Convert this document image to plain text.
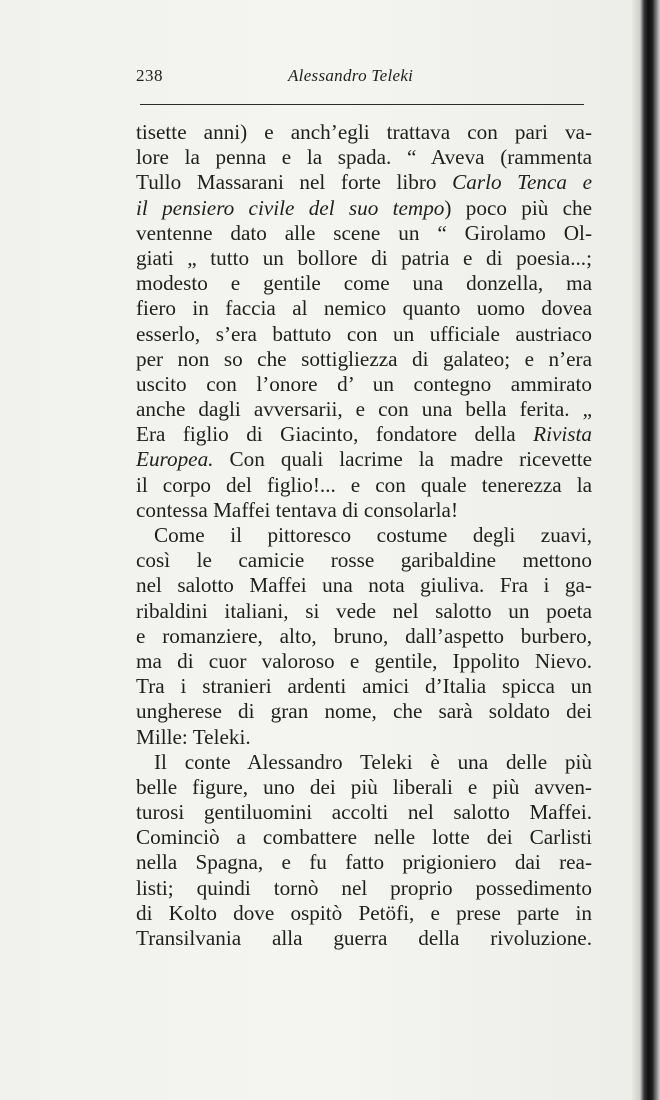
238	Alessandro Teleki
tisette anni) e anch’egli trattava con pari va-
lore la penna e la spada. “ Aveva (rammenta
Tullo Massarani nel forte libro Carlo Tenca e
il pensiero civile del suo tempo) poco più che
ventenne dato alle scene un “ Girolamo Ol-
giati „ tutto un bollore di patria e di poesia...;
modesto e gentile come una donzella, ma
fiero in faccia al nemico quanto uomo dovea
esserlo, s’era battuto con un ufficiale austriaco
per non so che sottigliezza di galateo; e n’era
uscito con l’onore d’ un contegno ammirato
anche dagli avversarii, e con una bella ferita. „
Era figlio di Giacinto, fondatore della Rivista
Europea. Con quali lacrime la madre ricevette
il corpo del figlio!... e con quale tenerezza la
contessa Maffei tentava di consolarla!
Come il pittoresco costume degli zuavi,
così le camicie rosse garibaldine mettono
nel salotto Maffei una nota giuliva. Fra i ga-
ribaldini italiani, si vede nel salotto un poeta
e romanziere, alto, bruno, dall’aspetto burbero,
ma di cuor valoroso e gentile, Ippolito Nievo.
Tra i stranieri ardenti amici d’Italia spicca un
ungherese di gran nome, che sarà soldato dei
Mille: Teleki.
Il conte Alessandro Teleki è una delle più
belle figure, uno dei più liberali e più avven-
turosi gentiluomini accolti nel salotto Maffei.
Cominciò a combattere nelle lotte dei Carlisti
nella Spagna, e fu fatto prigioniero dai rea-
listi; quindi tornò nel proprio possedimento
di Kolto dove ospitò Petöfi, e prese parte in
Transilvania alla guerra della rivoluzione.
